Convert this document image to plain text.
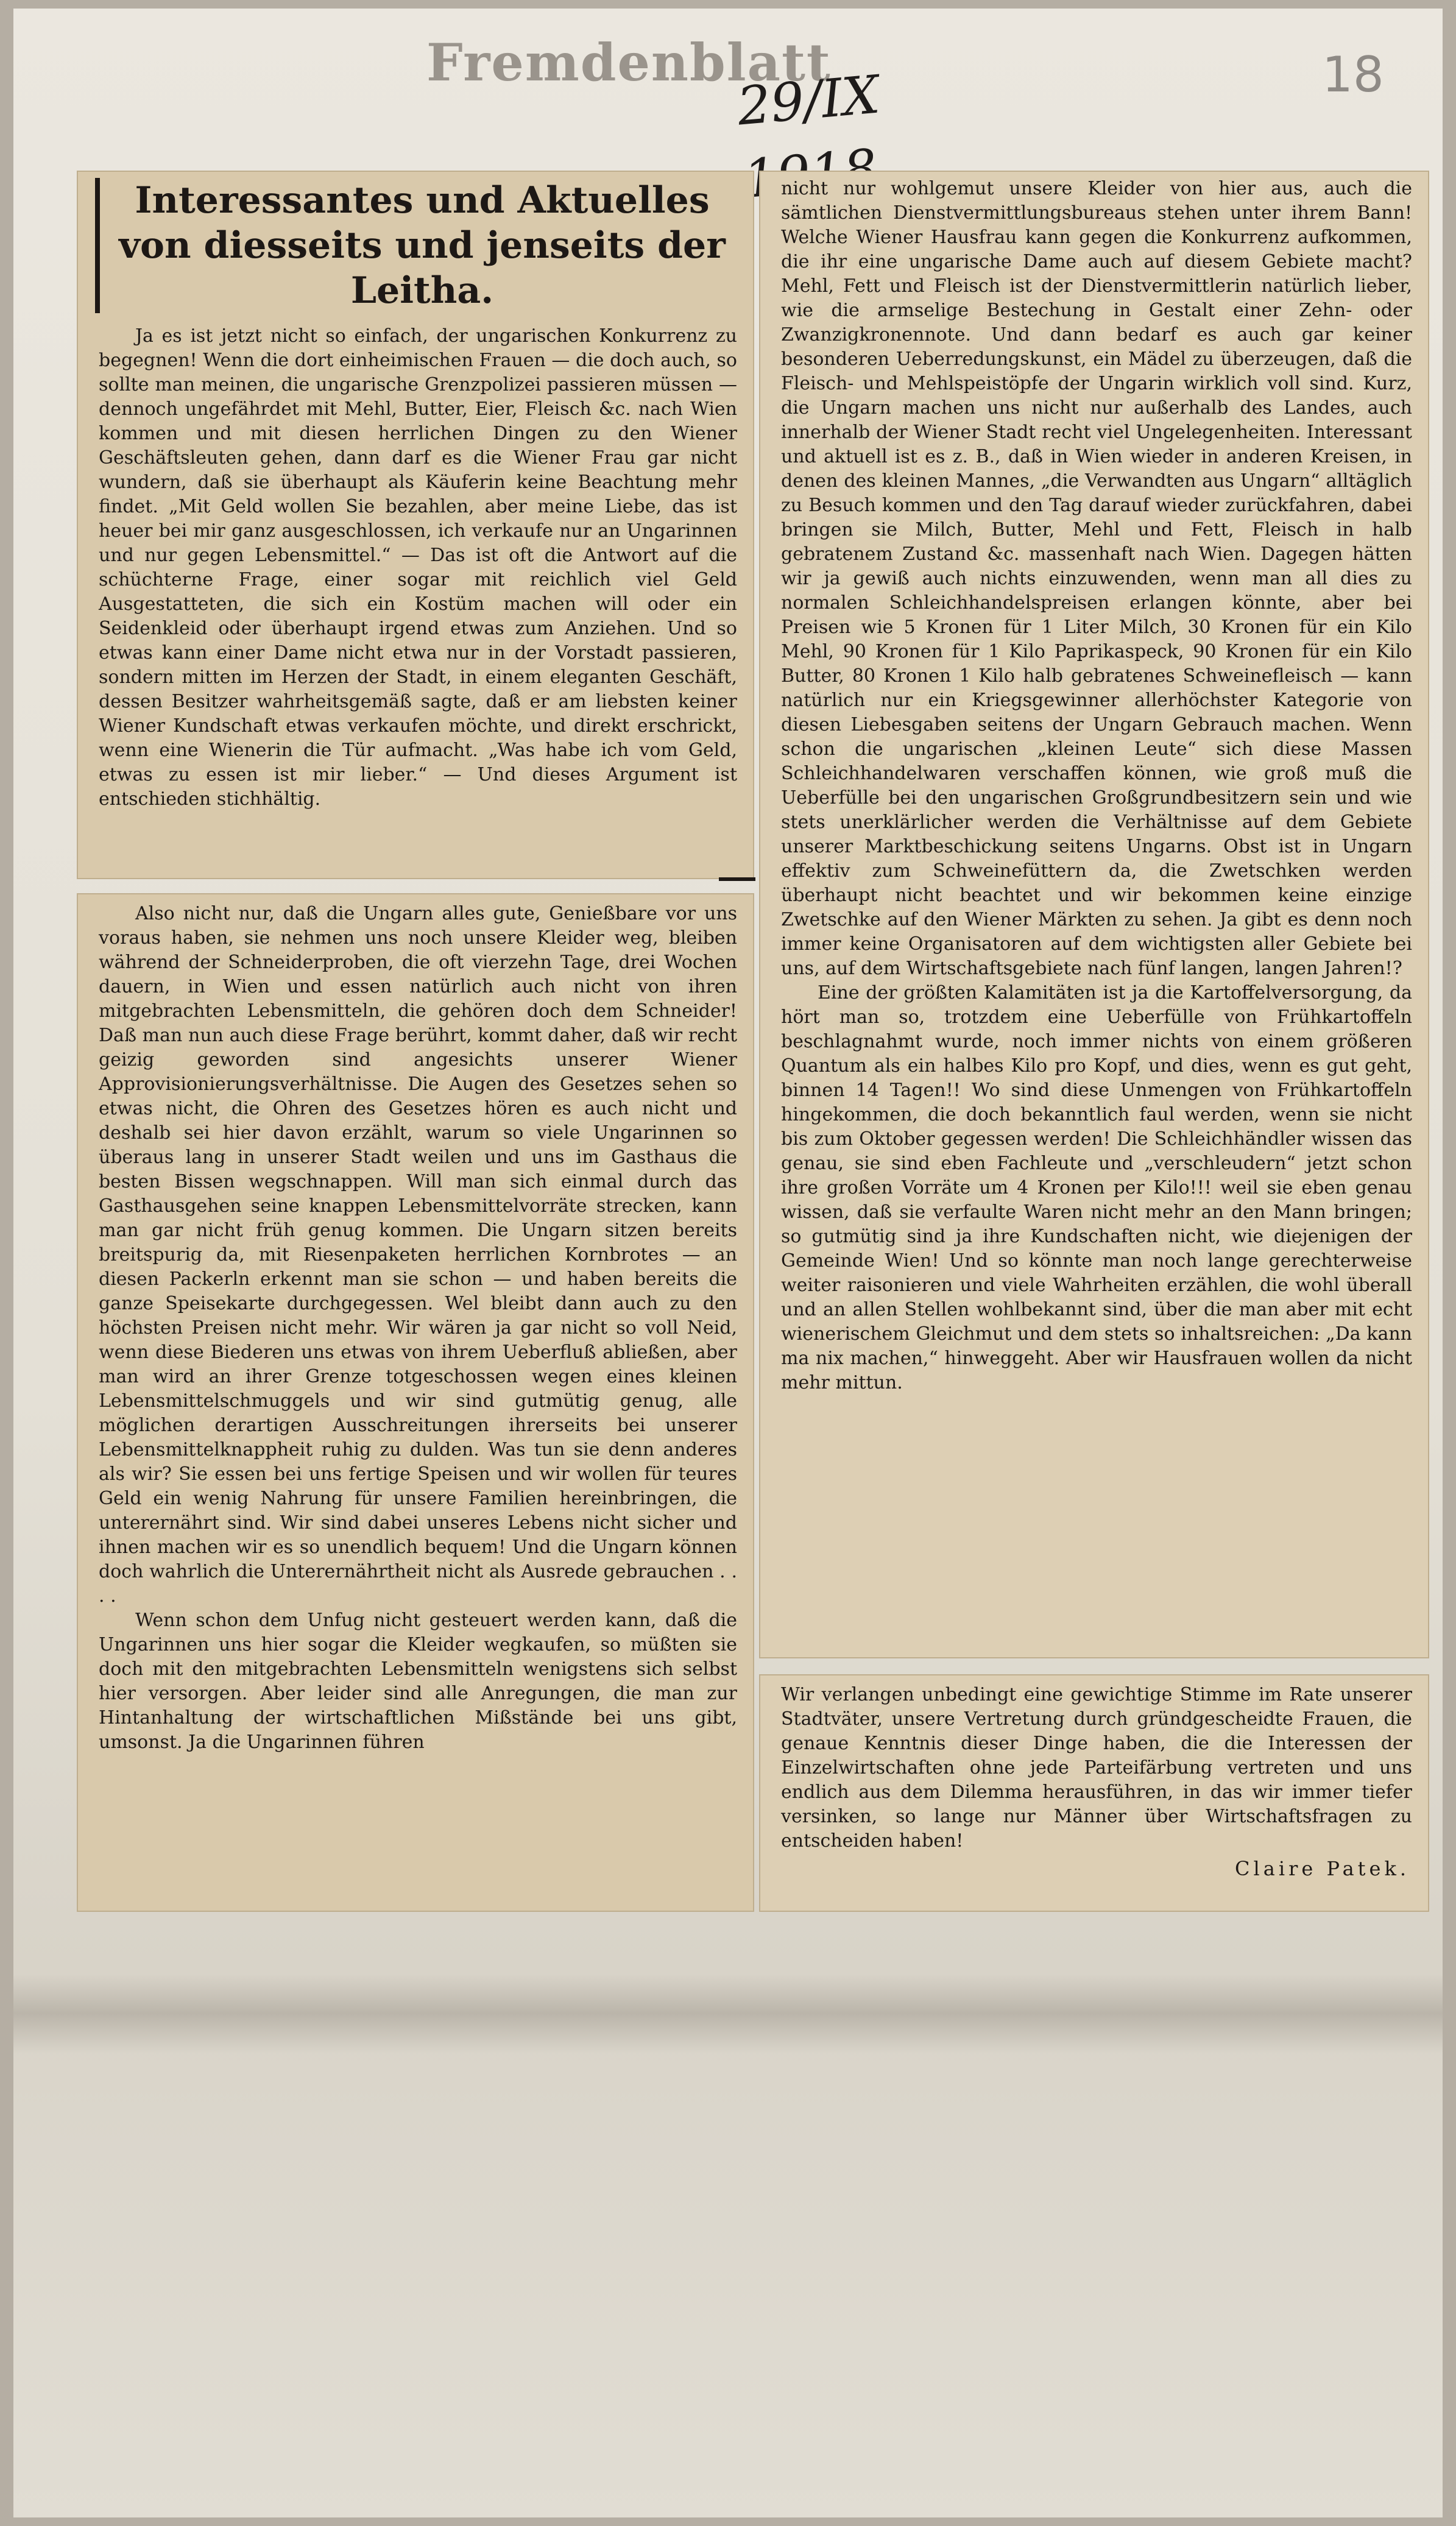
Fremdenblatt
29/IX	18
Interessantes und Aktuelles von diesseits und jenseits der Leitha.

Ja es ist jetzt nicht so einfach, der ungarischen Konkurrenz zu begegnen! Wenn die dort einheimischen Frauen — die doch auch, so sollte man meinen, die ungarische Grenzpolizei passieren müssen — dennoch ungefährdet mit Mehl, Butter, Eier, Fleisch &c. nach Wien kommen und mit diesen herrlichen Dingen zu den Wiener Geschäftsleuten gehen, dann darf es die Wiener Frau gar nicht wundern, daß sie überhaupt als Käuferin keine Beachtung mehr findet. „Mit Geld wollen Sie bezahlen, aber meine Liebe, das ist heuer bei mir ganz ausgeschlossen, ich verkaufe nur an Ungarinnen und nur gegen Lebensmittel.“ — Das ist oft die Antwort auf die schüchterne Frage, einer sogar mit reichlich viel Geld Ausgestatteten, die sich ein Kostüm machen will oder ein Seidenkleid oder überhaupt irgend etwas zum Anziehen. Und so etwas kann einer Dame nicht etwa nur in der Vorstadt passieren, sondern mitten im Herzen der Stadt, in einem eleganten Geschäft, dessen Besitzer wahrheitsgemäß sagte, daß er am liebsten keiner Wiener Kundschaft etwas verkaufen möchte, und direkt erschrickt, wenn eine Wienerin die Tür aufmacht. „Was habe ich vom Geld, etwas zu essen ist mir lieber.“ — Und dieses Argument ist entschieden stichhältig.

Also nicht nur, daß die Ungarn alles gute, Genießbare vor uns voraus haben, sie nehmen uns noch unsere Kleider weg, bleiben während der Schneiderproben, die oft vierzehn Tage, drei Wochen dauern, in Wien und essen natürlich auch nicht von ihren mitgebrachten Lebensmitteln, die gehören doch dem Schneider! Daß man nun auch diese Frage berührt, kommt daher, daß wir recht geizig geworden sind angesichts unserer Wiener Approvisionierungsverhältnisse. Die Augen des Gesetzes sehen so etwas nicht, die Ohren des Gesetzes hören es auch nicht und deshalb sei hier davon erzählt, warum so viele Ungarinnen so überaus lang in unserer Stadt weilen und uns im Gasthaus die besten Bissen wegschnappen. Will man sich einmal durch das Gasthausgehen seine knappen Lebensmittelvorräte strecken, kann man gar nicht früh genug kommen. Die Ungarn sitzen bereits breitspurig da, mit Riesenpaketen herrlichen Kornbrotes — an diesen Packerln erkennt man sie schon — und haben bereits die ganze Speisekarte durchgegessen. Wel bleibt dann auch zu den höchsten Preisen nicht mehr. Wir wären ja gar nicht so voll Neid, wenn diese Biederen uns etwas von ihrem Ueberfluß abließen, aber man wird an ihrer Grenze totgeschossen wegen eines kleinen Lebensmittelschmuggels und wir sind gutmütig genug, alle möglichen derartigen Ausschreitungen ihrerseits bei unserer Lebensmittelknappheit ruhig zu dulden. Was tun sie denn anderes als wir? Sie essen bei uns fertige Speisen und wir wollen für teures Geld ein wenig Nahrung für unsere Familien hereinbringen, die unterernährt sind. Wir sind dabei unseres Lebens nicht sicher und ihnen machen wir es so unendlich bequem! Und die Ungarn können doch wahrlich die Unterernährtheit nicht als Ausrede gebrauchen . . . .

Wenn schon dem Unfug nicht gesteuert werden kann, daß die Ungarinnen uns hier sogar die Kleider wegkaufen, so müßten sie doch mit den mitgebrachten Lebensmitteln wenigstens sich selbst hier versorgen. Aber leider sind alle Anregungen, die man zur Hintanhaltung der wirtschaftlichen Mißstände bei uns gibt, umsonst. Ja die Ungarinnen führen

nicht nur wohlgemut unsere Kleider von hier aus, auch die sämtlichen Dienstvermittlungsbureaus stehen unter ihrem Bann! Welche Wiener Hausfrau kann gegen die Konkurrenz aufkommen, die ihr eine ungarische Dame auch auf diesem Gebiete macht? Mehl, Fett und Fleisch ist der Dienstvermittlerin natürlich lieber, wie die armselige Bestechung in Gestalt einer Zehn- oder Zwanzigkronennote. Und dann bedarf es auch gar keiner besonderen Ueberredungskunst, ein Mädel zu überzeugen, daß die Fleisch- und Mehlspeistöpfe der Ungarin wirklich voll sind. Kurz, die Ungarn machen uns nicht nur außerhalb des Landes, auch innerhalb der Wiener Stadt recht viel Ungelegenheiten. Interessant und aktuell ist es z. B., daß in Wien wieder in anderen Kreisen, in denen des kleinen Mannes, „die Verwandten aus Ungarn“ alltäglich zu Besuch kommen und den Tag darauf wieder zurückfahren, dabei bringen sie Milch, Butter, Mehl und Fett, Fleisch in halb gebratenem Zustand &c. massenhaft nach Wien. Dagegen hätten wir ja gewiß auch nichts einzuwenden, wenn man all dies zu normalen Schleichhandelspreisen erlangen könnte, aber bei Preisen wie 5 Kronen für 1 Liter Milch, 30 Kronen für ein Kilo Mehl, 90 Kronen für 1 Kilo Paprikaspeck, 90 Kronen für ein Kilo Butter, 80 Kronen 1 Kilo halb gebratenes Schweinefleisch — kann natürlich nur ein Kriegsgewinner allerhöchster Kategorie von diesen Liebesgaben seitens der Ungarn Gebrauch machen. Wenn schon die ungarischen „kleinen Leute“ sich diese Massen Schleichhandelwaren verschaffen können, wie groß muß die Ueberfülle bei den ungarischen Großgrundbesitzern sein und wie stets unerklärlicher werden die Verhältnisse auf dem Gebiete unserer Marktbeschickung seitens Ungarns. Obst ist in Ungarn effektiv zum Schweinefüttern da, die Zwetschken werden überhaupt nicht beachtet und wir bekommen keine einzige Zwetschke auf den Wiener Märkten zu sehen. Ja gibt es denn noch immer keine Organisatoren auf dem wichtigsten aller Gebiete bei uns, auf dem Wirtschaftsgebiete nach fünf langen, langen Jahren!?

Eine der größten Kalamitäten ist ja die Kartoffelversorgung, da hört man so, trotzdem eine Ueberfülle von Frühkartoffeln beschlagnahmt wurde, noch immer nichts von einem größeren Quantum als ein halbes Kilo pro Kopf, und dies, wenn es gut geht, binnen 14 Tagen!! Wo sind diese Unmengen von Frühkartoffeln hingekommen, die doch bekanntlich faul werden, wenn sie nicht bis zum Oktober gegessen werden! Die Schleichhändler wissen das genau, sie sind eben Fachleute und „verschleudern“ jetzt schon ihre großen Vorräte um 4 Kronen per Kilo!!! weil sie eben genau wissen, daß sie verfaulte Waren nicht mehr an den Mann bringen; so gutmütig sind ja ihre Kundschaften nicht, wie diejenigen der Gemeinde Wien! Und so könnte man noch lange gerechterweise weiter raisonieren und viele Wahrheiten erzählen, die wohl überall und an allen Stellen wohlbekannt sind, über die man aber mit echt wienerischem Gleichmut und dem stets so inhaltsreichen: „Da kann ma nix machen,“ hinweggeht. Aber wir Hausfrauen wollen da nicht mehr mittun.

Wir verlangen unbedingt eine gewichtige Stimme im Rate unserer Stadtväter, unsere Vertretung durch gründgescheidte Frauen, die genaue Kenntnis dieser Dinge haben, die die Interessen der Einzelwirtschaften ohne jede Parteifärbung vertreten und uns endlich aus dem Dilemma herausführen, in das wir immer tiefer versinken, so lange nur Männer über Wirtschaftsfragen zu entscheiden haben!

Claire Patek.
